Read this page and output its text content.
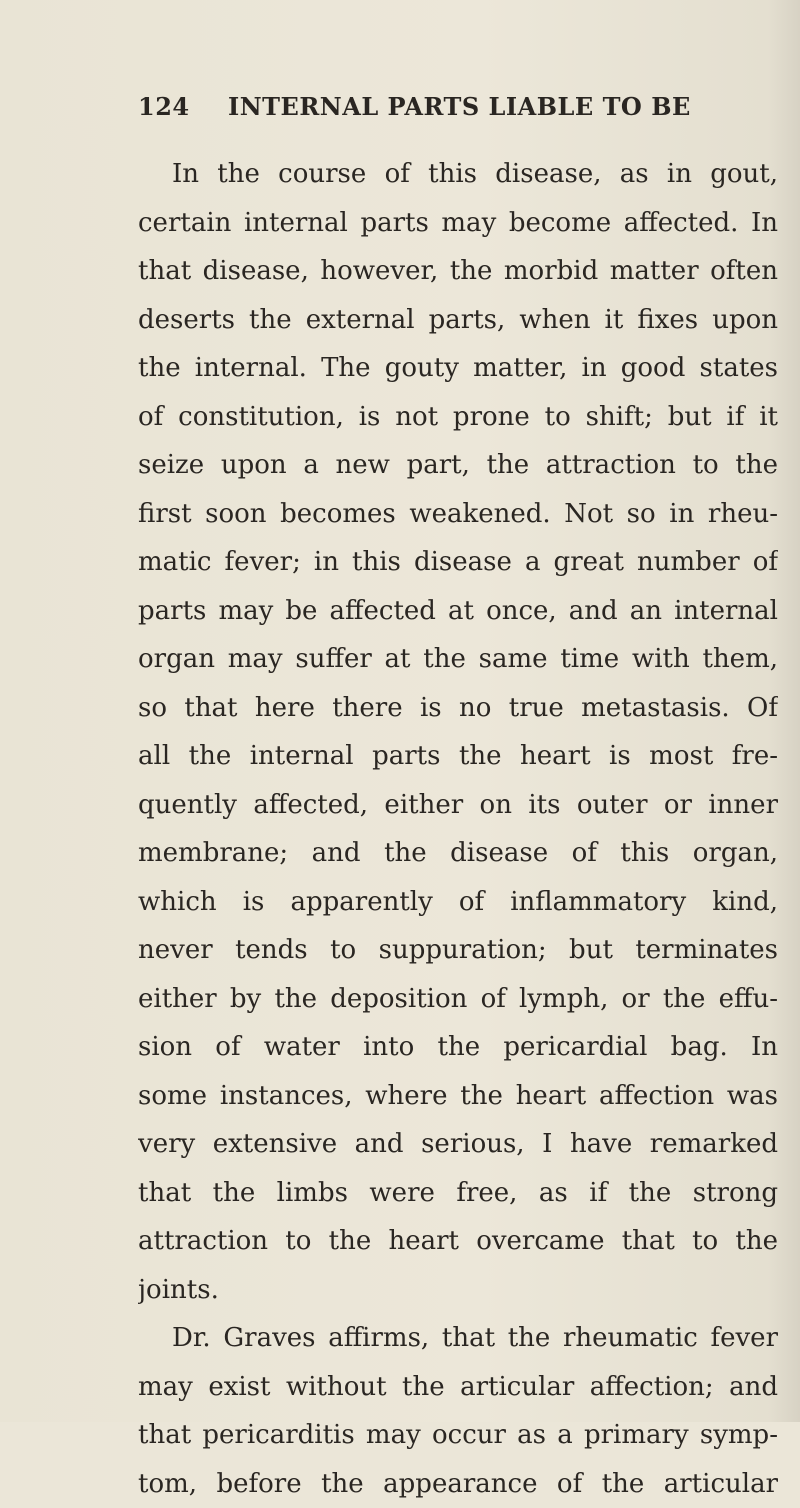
124 INTERNAL PARTS LIABLE TO BE
In the course of this disease, as in gout,
certain internal parts may become affected. In
that disease, however, the morbid matter often
deserts the external parts, when it fixes upon
the internal. The gouty matter, in good states
of constitution, is not prone to shift; but if it
seize upon a new part, the attraction to the
first soon becomes weakened. Not so in rheu-
matic fever; in this disease a great number of
parts may be affected at once, and an internal
organ may suffer at the same time with them,
so that here there is no true metastasis. Of
all the internal parts the heart is most fre-
quently affected, either on its outer or inner
membrane; and the disease of this organ,
which is apparently of inflammatory kind,
never tends to suppuration; but terminates
either by the deposition of lymph, or the effu-
sion of water into the pericardial bag. In
some instances, where the heart affection was
very extensive and serious, I have remarked
that the limbs were free, as if the strong
attraction to the heart overcame that to the
joints.
Dr. Graves affirms, that the rheumatic fever
may exist without the articular affection; and
that pericarditis may occur as a primary symp-
tom, before the appearance of the articular
